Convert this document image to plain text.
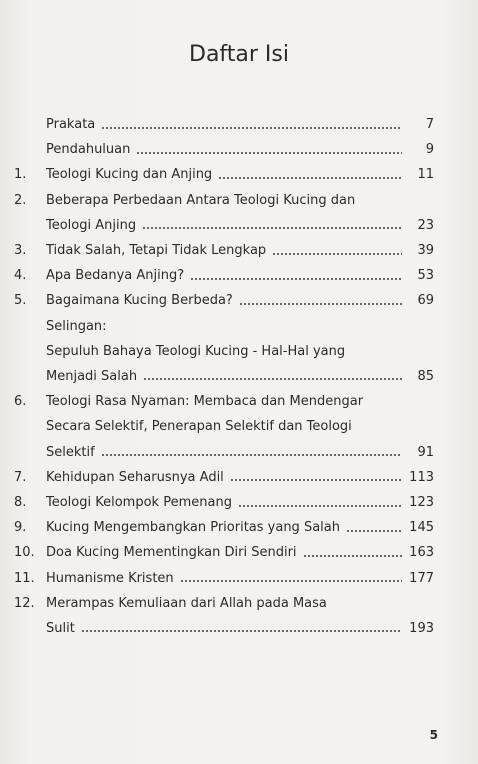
Daftar Isi
Prakata	7
Pendahuluan	9
1.	Teologi Kucing dan Anjing	11
2.	Beberapa Perbedaan Antara Teologi Kucing dan
Teologi Anjing	23
3.	Tidak Salah, Tetapi Tidak Lengkap	39
4.	Apa Bedanya Anjing?	53
5.	Bagaimana Kucing Berbeda?	69
Selingan:
Sepuluh Bahaya Teologi Kucing - Hal-Hal yang
Menjadi Salah	85
6.	Teologi Rasa Nyaman: Membaca dan Mendengar
Secara Selektif, Penerapan Selektif dan Teologi
Selektif	91
7.	Kehidupan Seharusnya Adil	113
8.	Teologi Kelompok Pemenang	123
9.	Kucing Mengembangkan Prioritas yang Salah	145
10. Doa Kucing Mementingkan Diri Sendiri	163
11. Humanisme Kristen	177
12. Merampas Kemuliaan dari Allah pada Masa
Sulit	193
5
